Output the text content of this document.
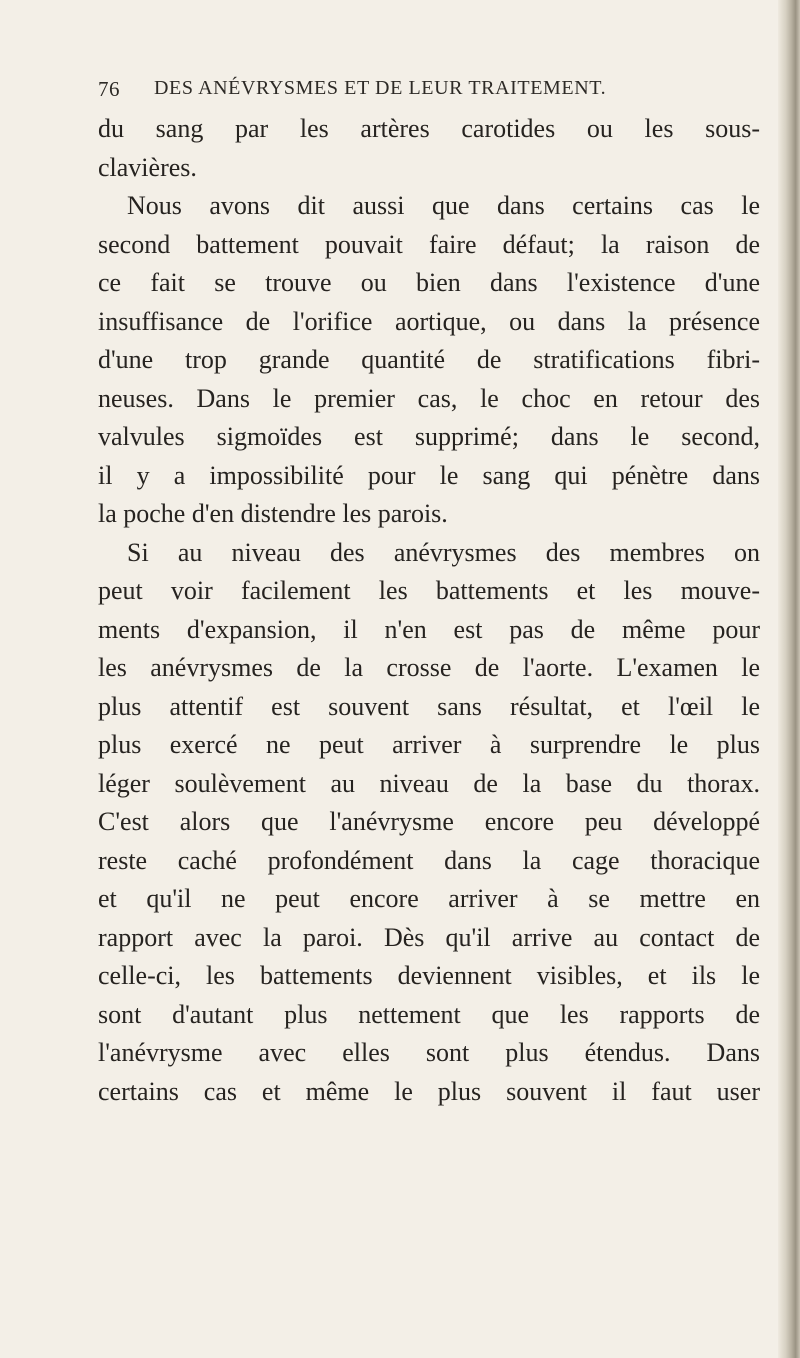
76 DES ANÉVRYSMES ET DE LEUR TRAITEMENT.
du sang par les artères carotides ou les sous-
clavières.
Nous avons dit aussi que dans certains cas le
second battement pouvait faire défaut; la raison de
ce fait se trouve ou bien dans l'existence d'une
insuffisance de l'orifice aortique, ou dans la présence
d'une trop grande quantité de stratifications fibri-
neuses. Dans le premier cas, le choc en retour des
valvules sigmoïdes est supprimé; dans le second,
il y a impossibilité pour le sang qui pénètre dans
la poche d'en distendre les parois.
Si au niveau des anévrysmes des membres on
peut voir facilement les battements et les mouve-
ments d'expansion, il n'en est pas de même pour
les anévrysmes de la crosse de l'aorte. L'examen le
plus attentif est souvent sans résultat, et l'œil le
plus exercé ne peut arriver à surprendre le plus
léger soulèvement au niveau de la base du thorax.
C'est alors que l'anévrysme encore peu développé
reste caché profondément dans la cage thoracique
et qu'il ne peut encore arriver à se mettre en
rapport avec la paroi. Dès qu'il arrive au contact de
celle-ci, les battements deviennent visibles, et ils le
sont d'autant plus nettement que les rapports de
l'anévrysme avec elles sont plus étendus. Dans
certains cas et même le plus souvent il faut user
